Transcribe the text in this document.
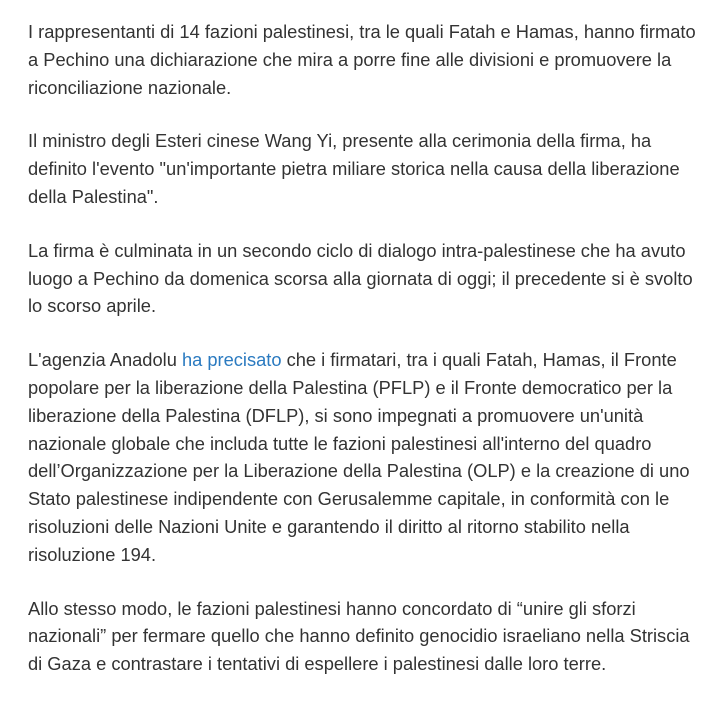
I rappresentanti di 14 fazioni palestinesi, tra le quali Fatah e Hamas, hanno firmato a Pechino una dichiarazione che mira a porre fine alle divisioni e promuovere la riconciliazione nazionale.

Il ministro degli Esteri cinese Wang Yi, presente alla cerimonia della firma, ha definito l'evento "un'importante pietra miliare storica nella causa della liberazione della Palestina".

La firma è culminata in un secondo ciclo di dialogo intra-palestinese che ha avuto luogo a Pechino da domenica scorsa alla giornata di oggi; il precedente si è svolto lo scorso aprile.

L'agenzia Anadolu ha precisato che i firmatari, tra i quali Fatah, Hamas, il Fronte popolare per la liberazione della Palestina (PFLP) e il Fronte democratico per la liberazione della Palestina (DFLP), si sono impegnati a promuovere un'unità nazionale globale che includa tutte le fazioni palestinesi all'interno del quadro dell’Organizzazione per la Liberazione della Palestina (OLP) e la creazione di uno Stato palestinese indipendente con Gerusalemme capitale, in conformità con le risoluzioni delle Nazioni Unite e garantendo il diritto al ritorno stabilito nella risoluzione 194.

Allo stesso modo, le fazioni palestinesi hanno concordato di “unire gli sforzi nazionali” per fermare quello che hanno definito genocidio israeliano nella Striscia di Gaza e contrastare i tentativi di espellere i palestinesi dalle loro terre.
